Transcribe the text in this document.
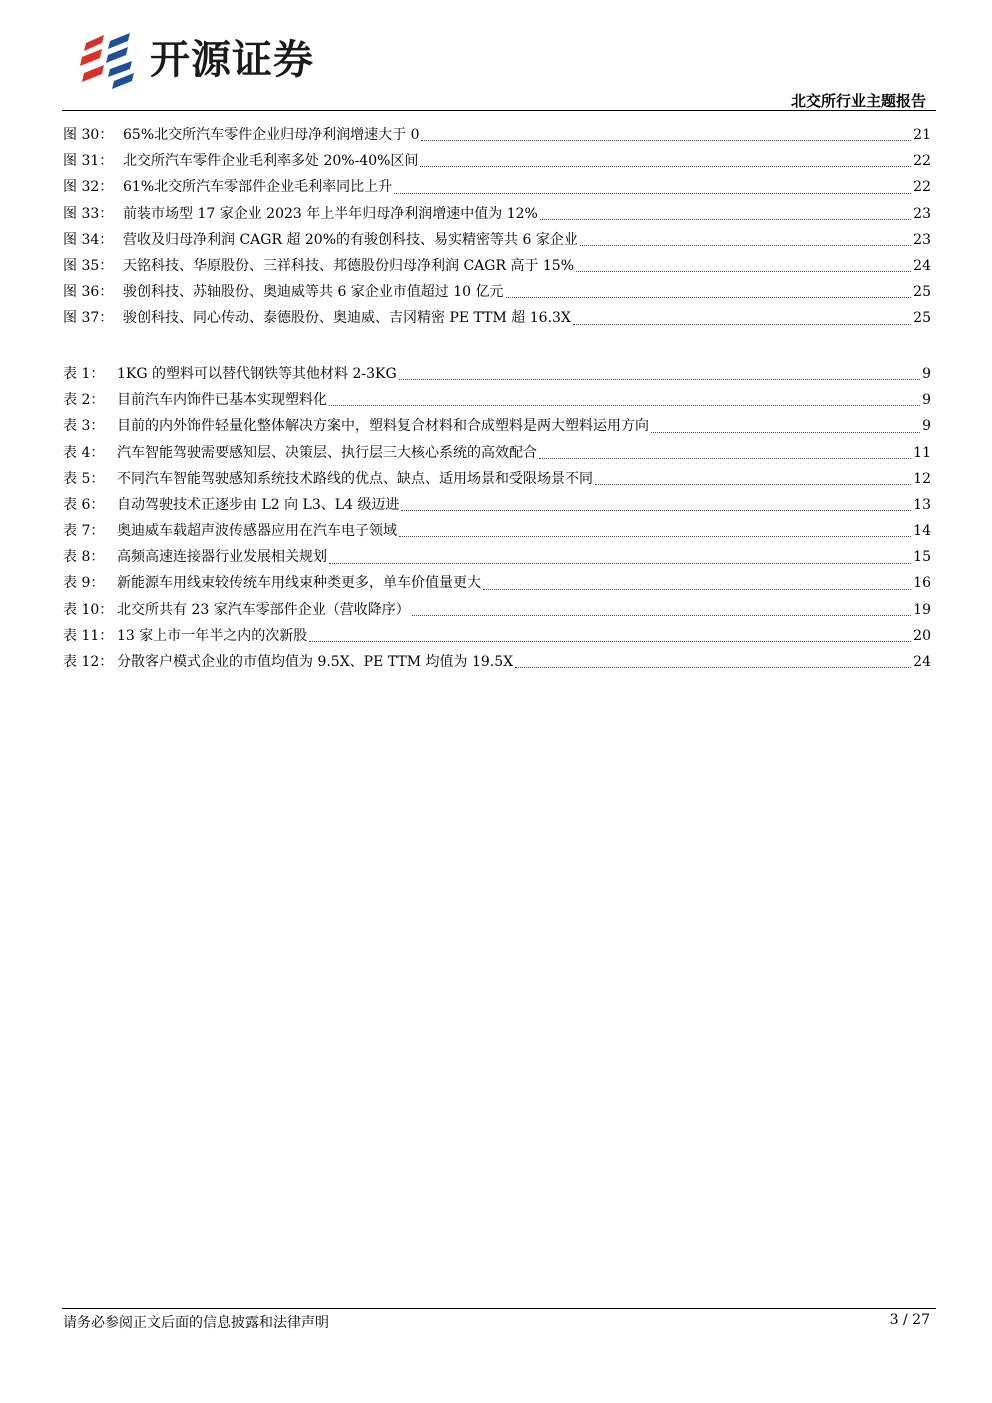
开源证券
北交所行业主题报告
图 30： 65%北交所汽车零件企业归母净利润增速大于 0	21
图 31： 北交所汽车零件企业毛利率多处 20%-40%区间	22
图 32： 61%北交所汽车零部件企业毛利率同比上升	22
图 33： 前装市场型 17 家企业 2023 年上半年归母净利润增速中值为 12%	23
图 34： 营收及归母净利润 CAGR 超 20%的有骏创科技、易实精密等共 6 家企业	23
图 35： 天铭科技、华原股份、三祥科技、邦德股份归母净利润 CAGR 高于 15%	24
图 36： 骏创科技、苏轴股份、奥迪威等共 6 家企业市值超过 10 亿元	25
图 37： 骏创科技、同心传动、泰德股份、奥迪威、吉冈精密 PE TTM 超 16.3X	25
表 1： 1KG 的塑料可以替代钢铁等其他材料 2-3KG	9
表 2： 目前汽车内饰件已基本实现塑料化	9
表 3： 目前的内外饰件轻量化整体解决方案中，塑料复合材料和合成塑料是两大塑料运用方向	9
表 4： 汽车智能驾驶需要感知层、决策层、执行层三大核心系统的高效配合	11
表 5： 不同汽车智能驾驶感知系统技术路线的优点、缺点、适用场景和受限场景不同	12
表 6： 自动驾驶技术正逐步由 L2 向 L3、L4 级迈进	13
表 7： 奥迪威车载超声波传感器应用在汽车电子领域	14
表 8： 高频高速连接器行业发展相关规划	15
表 9： 新能源车用线束较传统车用线束种类更多，单车价值量更大	16
表 10： 北交所共有 23 家汽车零部件企业（营收降序）	19
表 11： 13 家上市一年半之内的次新股	20
表 12： 分散客户模式企业的市值均值为 9.5X、PE TTM 均值为 19.5X	24
请务必参阅正文后面的信息披露和法律声明	3 / 27
